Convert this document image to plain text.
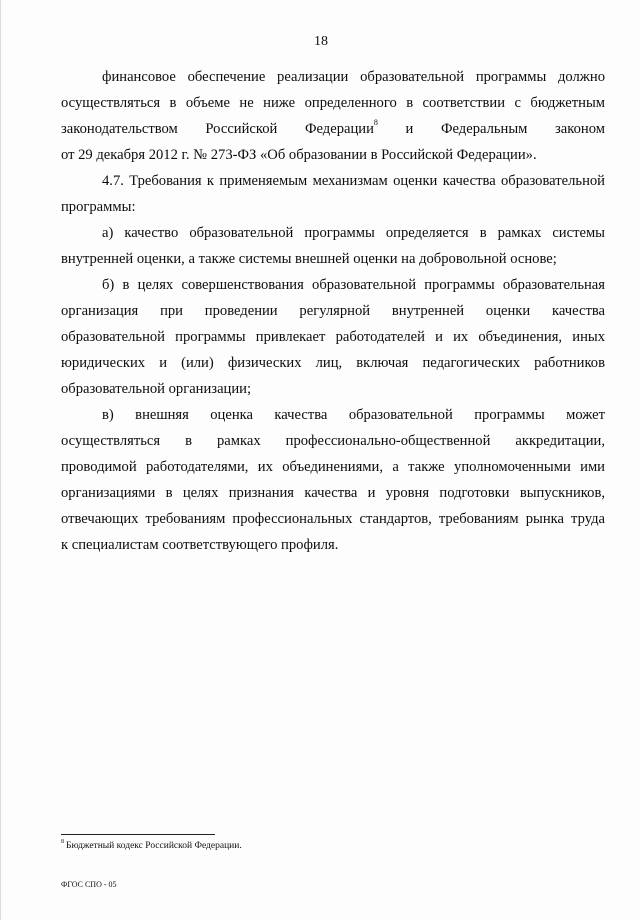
18
финансовое обеспечение реализации образовательной программы должно
осуществляться в объеме не ниже определенного в соответствии с бюджетным
законодательством Российской Федерации$^8$ и Федеральным законом
от 29 декабря 2012 г. № 273-ФЗ «Об образовании в Российской Федерации».
4.7. Требования к применяемым механизмам оценки качества образовательной
программы:
а) качество образовательной программы определяется в рамках системы
внутренней оценки, а также системы внешней оценки на добровольной основе;
б) в целях совершенствования образовательной программы образовательная
организация при проведении регулярной внутренней оценки качества
образовательной программы привлекает работодателей и их объединения, иных
юридических и (или) физических лиц, включая педагогических работников
образовательной организации;
в) внешняя оценка качества образовательной программы может
осуществляться в рамках профессионально-общественной аккредитации,
проводимой работодателями, их объединениями, а также уполномоченными ими
организациями в целях признания качества и уровня подготовки выпускников,
отвечающих требованиям профессиональных стандартов, требованиям рынка труда
к специалистам соответствующего профиля.
$^8$ Бюджетный кодекс Российской Федерации.
ФГОС СПО - 05
